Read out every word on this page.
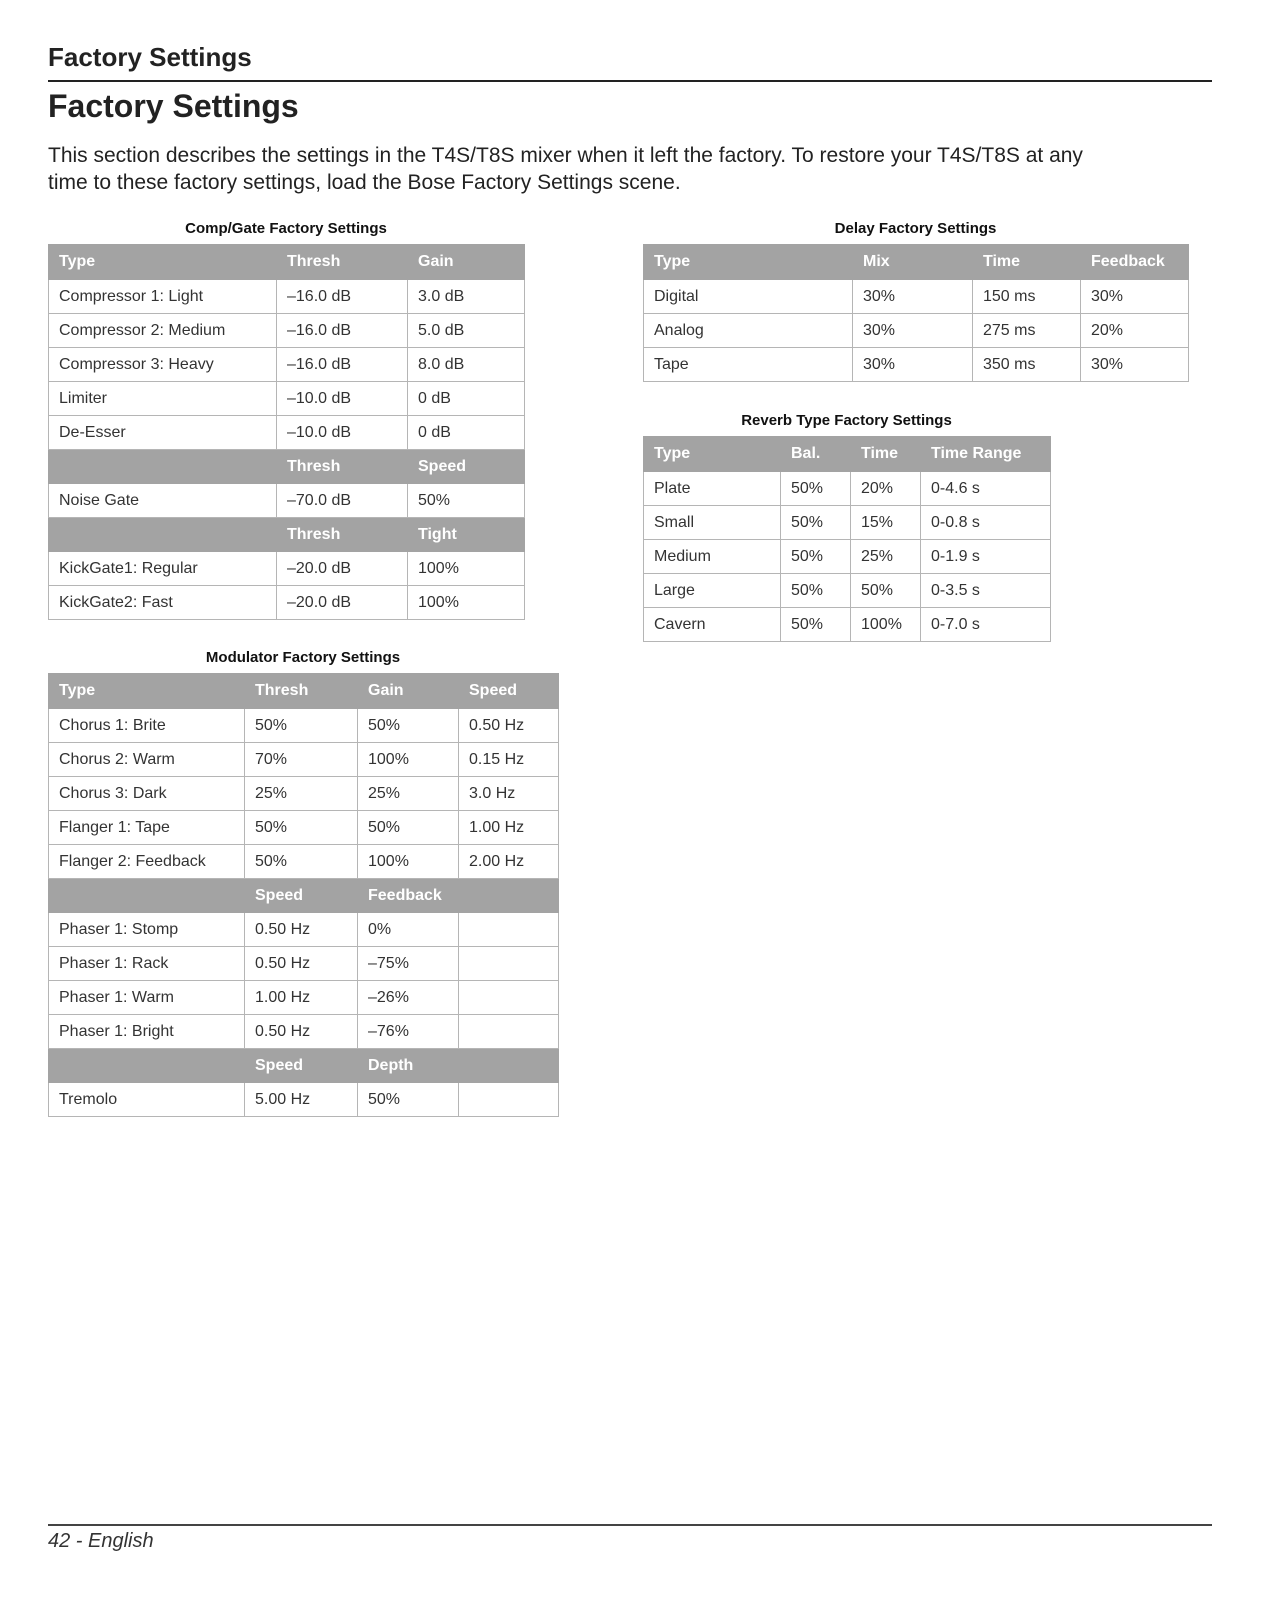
Factory Settings
Factory Settings
This section describes the settings in the T4S/T8S mixer when it left the factory. To restore your T4S/T8S at any time to these factory settings, load the Bose Factory Settings scene.
Comp/Gate Factory Settings
Type	Thresh	Gain
Compressor 1: Light	–16.0 dB	3.0 dB
Compressor 2: Medium	–16.0 dB	5.0 dB
Compressor 3: Heavy	–16.0 dB	8.0 dB
Limiter	–10.0 dB	0 dB
De-Esser	–10.0 dB	0 dB
	Thresh	Speed
Noise Gate	–70.0 dB	50%
	Thresh	Tight
KickGate1: Regular	–20.0 dB	100%
KickGate2: Fast	–20.0 dB	100%
Delay Factory Settings
Type	Mix	Time	Feedback
Digital	30%	150 ms	30%
Analog	30%	275 ms	20%
Tape	30%	350 ms	30%
Reverb Type Factory Settings
Type	Bal.	Time	Time Range
Plate	50%	20%	0-4.6 s
Small	50%	15%	0-0.8 s
Medium	50%	25%	0-1.9 s
Large	50%	50%	0-3.5 s
Cavern	50%	100%	0-7.0 s
Modulator Factory Settings
Type	Thresh	Gain	Speed
Chorus 1: Brite	50%	50%	0.50 Hz
Chorus 2: Warm	70%	100%	0.15 Hz
Chorus 3: Dark	25%	25%	3.0 Hz
Flanger 1: Tape	50%	50%	1.00 Hz
Flanger 2: Feedback	50%	100%	2.00 Hz
	Speed	Feedback	
Phaser 1: Stomp	0.50 Hz	0%	
Phaser 1: Rack	0.50 Hz	–75%	
Phaser 1: Warm	1.00 Hz	–26%	
Phaser 1: Bright	0.50 Hz	–76%	
	Speed	Depth	
Tremolo	5.00 Hz	50%	
42 - English
